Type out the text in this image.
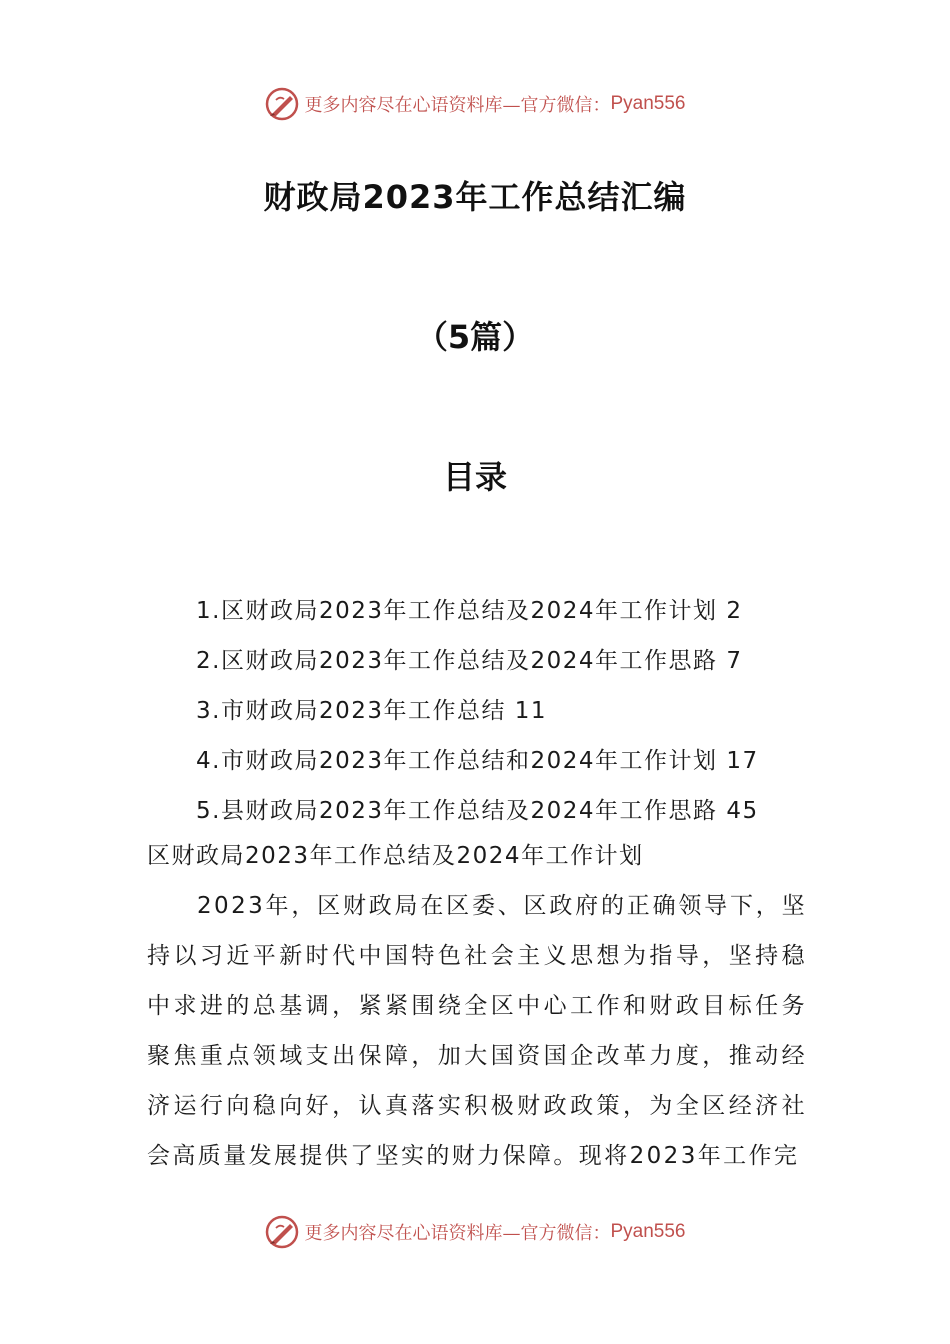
更多内容尽在心语资料库—官方微信： Pyan556
财政局2023年工作总结汇编
（5篇）
目录
1.区财政局2023年工作总结及2024年工作计划 2
2.区财政局2023年工作总结及2024年工作思路 7
3.市财政局2023年工作总结 11
4.市财政局2023年工作总结和2024年工作计划 17
5.县财政局2023年工作总结及2024年工作思路 45
区财政局2023年工作总结及2024年工作计划

2023年，区财政局在区委、区政府的正确领导下，坚持以习近平新时代中国特色社会主义思想为指导，坚持稳中求进的总基调，紧紧围绕全区中心工作和财政目标任务聚焦重点领域支出保障，加大国资国企改革力度，推动经济运行向稳向好，认真落实积极财政政策，为全区经济社会高质量发展提供了坚实的财力保障。现将2023年工作完

更多内容尽在心语资料库—官方微信： Pyan556
